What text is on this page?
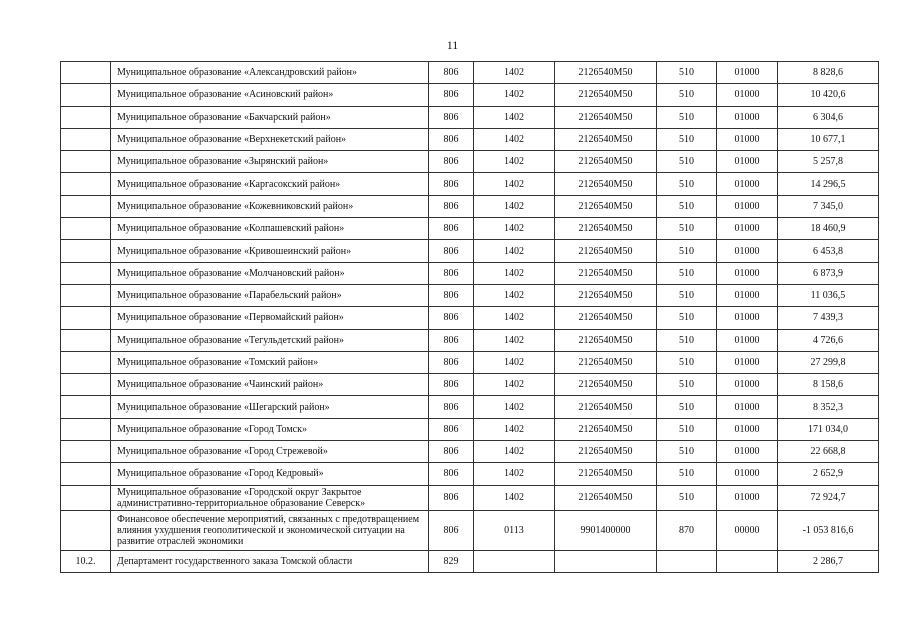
11
	Муниципальное образование «Александровский район»	806	1402	2126540M50	510	01000	8 828,6
	Муниципальное образование «Асиновский район»	806	1402	2126540M50	510	01000	10 420,6
	Муниципальное образование «Бакчарский район»	806	1402	2126540M50	510	01000	6 304,6
	Муниципальное образование «Верхнекетский район»	806	1402	2126540M50	510	01000	10 677,1
	Муниципальное образование «Зырянский район»	806	1402	2126540M50	510	01000	5 257,8
	Муниципальное образование «Каргасокский район»	806	1402	2126540M50	510	01000	14 296,5
	Муниципальное образование «Кожевниковский район»	806	1402	2126540M50	510	01000	7 345,0
	Муниципальное образование «Колпашевский район»	806	1402	2126540M50	510	01000	18 460,9
	Муниципальное образование «Кривошеинский район»	806	1402	2126540M50	510	01000	6 453,8
	Муниципальное образование «Молчановский район»	806	1402	2126540M50	510	01000	6 873,9
	Муниципальное образование «Парабельский район»	806	1402	2126540M50	510	01000	11 036,5
	Муниципальное образование «Первомайский район»	806	1402	2126540M50	510	01000	7 439,3
	Муниципальное образование «Тегульдетский район»	806	1402	2126540M50	510	01000	4 726,6
	Муниципальное образование «Томский район»	806	1402	2126540M50	510	01000	27 299,8
	Муниципальное образование «Чаинский район»	806	1402	2126540M50	510	01000	8 158,6
	Муниципальное образование «Шегарский район»	806	1402	2126540M50	510	01000	8 352,3
	Муниципальное образование «Город Томск»	806	1402	2126540M50	510	01000	171 034,0
	Муниципальное образование «Город Стрежевой»	806	1402	2126540M50	510	01000	22 668,8
	Муниципальное образование «Город Кедровый»	806	1402	2126540M50	510	01000	2 652,9
	Муниципальное образование «Городской округ Закрытое административно-территориальное образование Северск»	806	1402	2126540M50	510	01000	72 924,7
	Финансовое обеспечение мероприятий, связанных с предотвращением влияния ухудшения геополитической и экономической ситуации на развитие отраслей экономики	806	0113	9901400000	870	00000	-1 053 816,6
10.2.	Департамент государственного заказа Томской области	829					2 286,7
